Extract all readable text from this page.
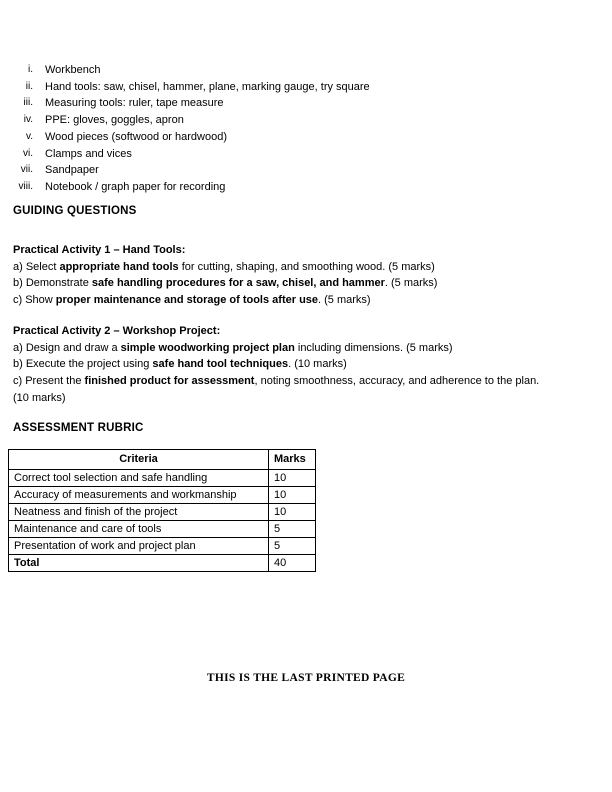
i. Workbench
ii. Hand tools: saw, chisel, hammer, plane, marking gauge, try square
iii. Measuring tools: ruler, tape measure
iv. PPE: gloves, goggles, apron
v. Wood pieces (softwood or hardwood)
vi. Clamps and vices
vii. Sandpaper
viii. Notebook / graph paper for recording
GUIDING QUESTIONS

Practical Activity 1 – Hand Tools:

a) Select appropriate hand tools for cutting, shaping, and smoothing wood. (5 marks)

b) Demonstrate safe handling procedures for a saw, chisel, and hammer. (5 marks)

c) Show proper maintenance and storage of tools after use. (5 marks)

Practical Activity 2 – Workshop Project:

a) Design and draw a simple woodworking project plan including dimensions. (5 marks)

b) Execute the project using safe hand tool techniques. (10 marks)

c) Present the finished product for assessment, noting smoothness, accuracy, and adherence to the plan. (10 marks)

ASSESSMENT RUBRIC
Criteria	Marks
Correct tool selection and safe handling	10
Accuracy of measurements and workmanship	10
Neatness and finish of the project	10
Maintenance and care of tools	5
Presentation of work and project plan	5
Total	40
THIS IS THE LAST PRINTED PAGE
